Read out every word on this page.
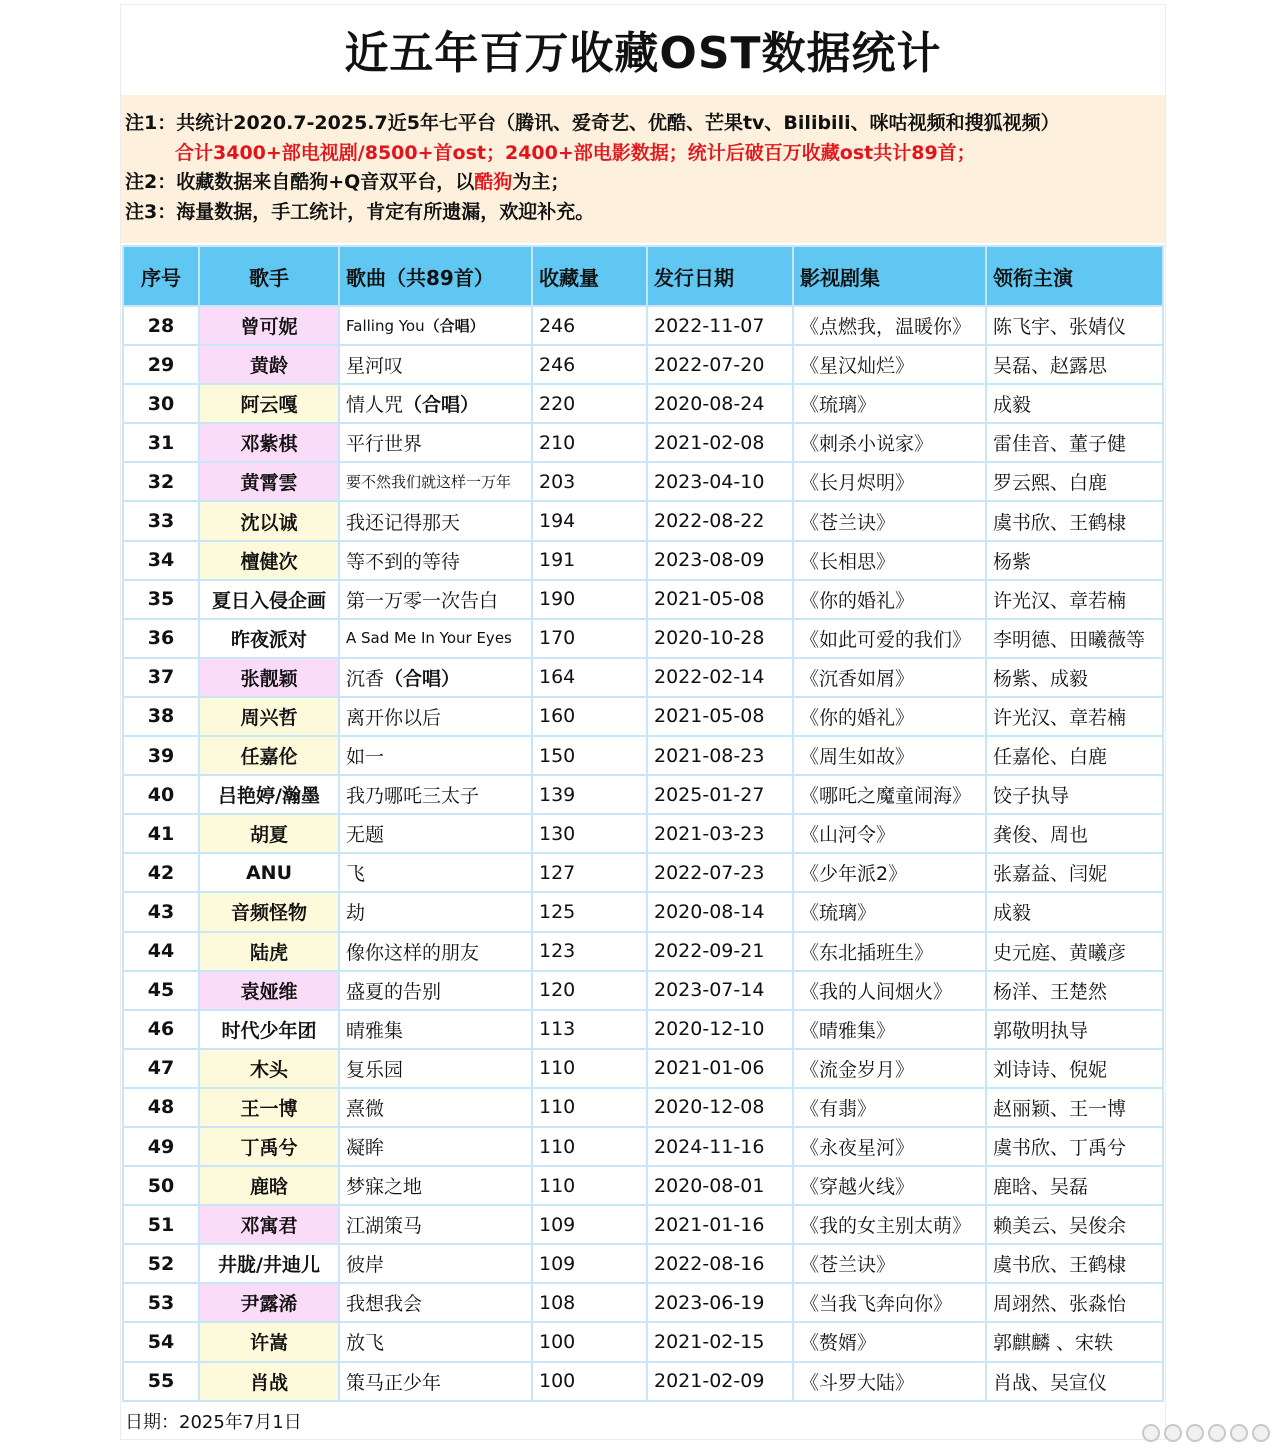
近五年百万收藏OST数据统计
注1：共统计2020.7-2025.7近5年七平台（腾讯、爱奇艺、优酷、芒果tv、Bilibili、咪咕视频和搜狐视频）
合计3400+部电视剧/8500+首ost；2400+部电影数据；统计后破百万收藏ost共计89首；
注2：收藏数据来自酷狗+Q音双平台，以酷狗为主；
注3：海量数据，手工统计，肯定有所遗漏，欢迎补充。
序号	歌手	歌曲（共89首）	收藏量	发行日期	影视剧集	领衔主演
28	曾可妮	Falling You（合唱）	246	2022-11-07	《点燃我，温暖你》	陈飞宇、张婧仪
29	黄龄	星河叹	246	2022-07-20	《星汉灿烂》	吴磊、赵露思
30	阿云嘎	情人咒（合唱）	220	2020-08-24	《琉璃》	成毅
31	邓紫棋	平行世界	210	2021-02-08	《刺杀小说家》	雷佳音、董子健
32	黄霄雲	要不然我们就这样一万年	203	2023-04-10	《长月烬明》	罗云熙、白鹿
33	沈以诚	我还记得那天	194	2022-08-22	《苍兰诀》	虞书欣、王鹤棣
34	檀健次	等不到的等待	191	2023-08-09	《长相思》	杨紫
35	夏日入侵企画	第一万零一次告白	190	2021-05-08	《你的婚礼》	许光汉、章若楠
36	昨夜派对	A Sad Me In Your Eyes	170	2020-10-28	《如此可爱的我们》	李明德、田曦薇等
37	张靓颖	沉香（合唱）	164	2022-02-14	《沉香如屑》	杨紫、成毅
38	周兴哲	离开你以后	160	2021-05-08	《你的婚礼》	许光汉、章若楠
39	任嘉伦	如一	150	2021-08-23	《周生如故》	任嘉伦、白鹿
40	吕艳婷/瀚墨	我乃哪吒三太子	139	2025-01-27	《哪吒之魔童闹海》	饺子执导
41	胡夏	无题	130	2021-03-23	《山河令》	龚俊、周也
42	ANU	飞	127	2022-07-23	《少年派2》	张嘉益、闫妮
43	音频怪物	劫	125	2020-08-14	《琉璃》	成毅
44	陆虎	像你这样的朋友	123	2022-09-21	《东北插班生》	史元庭、黄曦彦
45	袁娅维	盛夏的告别	120	2023-07-14	《我的人间烟火》	杨洋、王楚然
46	时代少年团	晴雅集	113	2020-12-10	《晴雅集》	郭敬明执导
47	木头	复乐园	110	2021-01-06	《流金岁月》	刘诗诗、倪妮
48	王一博	熹微	110	2020-12-08	《有翡》	赵丽颖、王一博
49	丁禹兮	凝眸	110	2024-11-16	《永夜星河》	虞书欣、丁禹兮
50	鹿晗	梦寐之地	110	2020-08-01	《穿越火线》	鹿晗、吴磊
51	邓寓君	江湖策马	109	2021-01-16	《我的女主别太萌》	赖美云、吴俊余
52	井胧/井迪儿	彼岸	109	2022-08-16	《苍兰诀》	虞书欣、王鹤棣
53	尹露浠	我想我会	108	2023-06-19	《当我飞奔向你》	周翊然、张淼怡
54	许嵩	放飞	100	2021-02-15	《赘婿》	郭麒麟 、宋轶
55	肖战	策马正少年	100	2021-02-09	《斗罗大陆》	肖战、吴宣仪
日期：2025年7月1日
